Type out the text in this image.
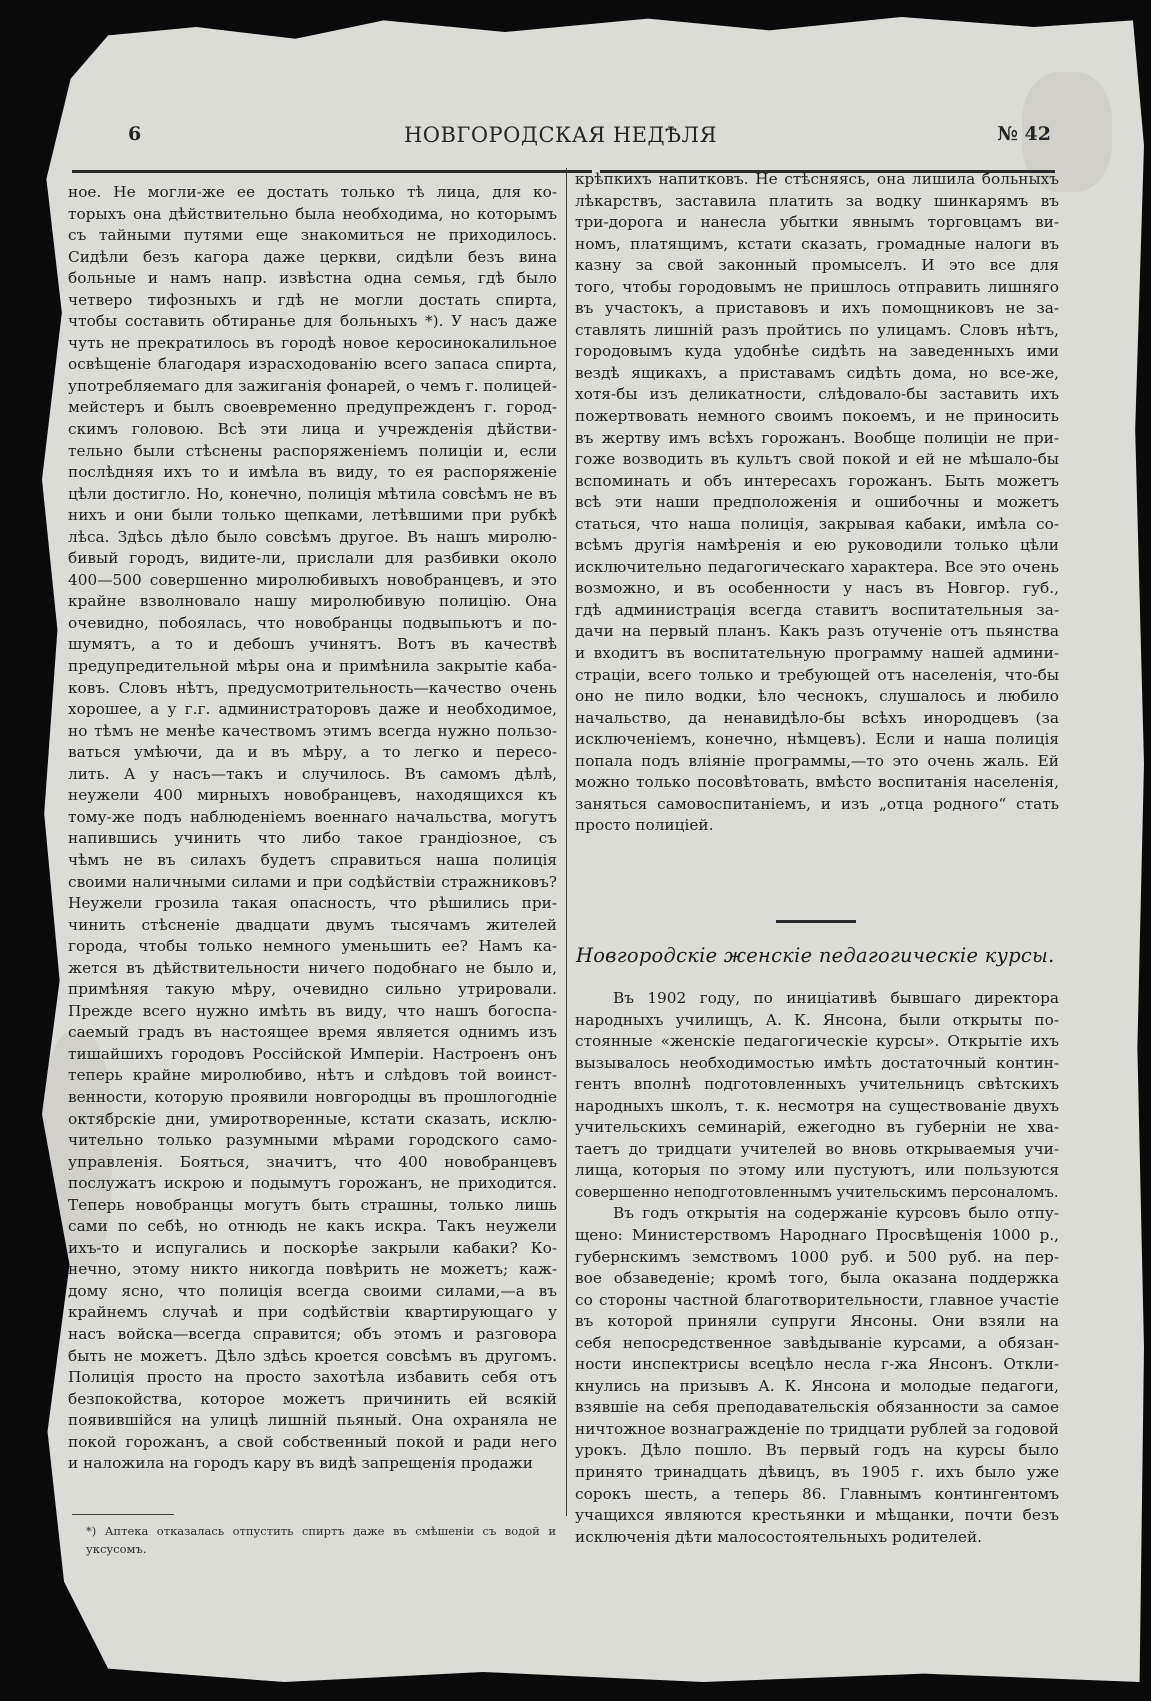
6	НОВГОРОДСКАЯ НЕДѢЛЯ	№ 42
ное. Не могли-же ее достать только тѣ лица, для ко-
торыхъ она дѣйствительно была необходима, но которымъ
съ тайными путями еще знакомиться не приходилось.
Сидѣли безъ кагора даже церкви, сидѣли безъ вина
больные и намъ напр. извѣстна одна семья, гдѣ было
четверо тифозныхъ и гдѣ не могли достать спирта,
чтобы составить обтиранье для больныхъ *). У насъ даже
чуть не прекратилось въ городѣ новое керосинокалильное
освѣщеніе благодаря израсходованію всего запаса спирта,
употребляемаго для зажиганія фонарей, о чемъ г. полицей-
мейстеръ и былъ своевременно предупрежденъ г. город-
скимъ головою. Всѣ эти лица и учрежденія дѣйстви-
тельно были стѣснены распоряженіемъ полиціи и, если
послѣдняя ихъ то и имѣла въ виду, то ея распоряженіе
цѣли достигло. Но, конечно, полиція мѣтила совсѣмъ не въ
нихъ и они были только щепками, летѣвшими при рубкѣ
лѣса. Здѣсь дѣло было совсѣмъ другое. Въ нашъ миролю-
бивый городъ, видите-ли, прислали для разбивки около
400—500 совершенно миролюбивыхъ новобранцевъ, и это
крайне взволновало нашу миролюбивую полицію. Она
очевидно, побоялась, что новобранцы подвыпьютъ и по-
шумятъ, а то и дебошъ учинятъ. Вотъ въ качествѣ
предупредительной мѣры она и примѣнила закрытіе каба-
ковъ. Словъ нѣтъ, предусмотрительность—качество очень
хорошее, а у г.г. администраторовъ даже и необходимое,
но тѣмъ не менѣе качествомъ этимъ всегда нужно пользо-
ваться умѣючи, да и въ мѣру, а то легко и пересо-
лить. А у насъ—такъ и случилось. Въ самомъ дѣлѣ,
неужели 400 мирныхъ новобранцевъ, находящихся къ
тому-же подъ наблюденіемъ военнаго начальства, могутъ
напившись учинить что либо такое грандіозное, съ
чѣмъ не въ силахъ будетъ справиться наша полиція
своими наличными силами и при содѣйствіи стражниковъ?
Неужели грозила такая опасность, что рѣшились при-
чинить стѣсненіе двадцати двумъ тысячамъ жителей
города, чтобы только немного уменьшить ее? Намъ ка-
жется въ дѣйствительности ничего подобнаго не было и,
примѣняя такую мѣру, очевидно сильно утрировали.
Прежде всего нужно имѣть въ виду, что нашъ богоспа-
саемый градъ въ настоящее время является однимъ изъ
тишайшихъ городовъ Россійской Имперіи. Настроенъ онъ
теперь крайне миролюбиво, нѣтъ и слѣдовъ той воинст-
венности, которую проявили новгородцы въ прошлогодніе
октябрскіе дни, умиротворенные, кстати сказать, исклю-
чительно только разумными мѣрами городского само-
управленія. Бояться, значитъ, что 400 новобранцевъ
послужатъ искрою и подымутъ горожанъ, не приходится.
Теперь новобранцы могутъ быть страшны, только лишь
сами по себѣ, но отнюдь не какъ искра. Такъ неужели
ихъ-то и испугались и поскорѣе закрыли кабаки? Ко-
нечно, этому никто никогда повѣрить не можетъ; каж-
дому ясно, что полиція всегда своими силами,—а въ
крайнемъ случаѣ и при содѣйствіи квартирующаго у
насъ войска—всегда справится; объ этомъ и разговора
быть не можетъ. Дѣло здѣсь кроется совсѣмъ въ другомъ.
Полиція просто на просто захотѣла избавить себя отъ
безпокойства, которое можетъ причинить ей всякій
появившійся на улицѣ лишній пьяный. Она охраняла не
покой горожанъ, а свой собственный покой и ради него
и наложила на городъ кару въ видѣ запрещенія продажи
*) Аптека отказалась отпустить спиртъ даже въ смѣшеніи съ водой и уксусомъ.
крѣпкихъ напитковъ. Не стѣсняясь, она лишила больныхъ
лѣкарствъ, заставила платить за водку шинкарямъ въ
три-дорога и нанесла убытки явнымъ торговцамъ ви-
номъ, платящимъ, кстати сказать, громадные налоги въ
казну за свой законный промыселъ. И это все для
того, чтобы городовымъ не пришлось отправить лишняго
въ участокъ, а приставовъ и ихъ помощниковъ не за-
ставлять лишній разъ пройтись по улицамъ. Словъ нѣтъ,
городовымъ куда удобнѣе сидѣть на заведенныхъ ими
вездѣ ящикахъ, а приставамъ сидѣть дома, но все-же,
хотя-бы изъ деликатности, слѣдовало-бы заставить ихъ
пожертвовать немного своимъ покоемъ, и не приносить
въ жертву имъ всѣхъ горожанъ. Вообще полиціи не при-
гоже возводить въ культъ свой покой и ей не мѣшало-бы
вспоминать и объ интересахъ горожанъ. Быть можетъ
всѣ эти наши предположенія и ошибочны и можетъ
статься, что наша полиція, закрывая кабаки, имѣла со-
всѣмъ другія намѣренія и ею руководили только цѣли
исключительно педагогическаго характера. Все это очень
возможно, и въ особенности у насъ въ Новгор. губ.,
гдѣ администрація всегда ставитъ воспитательныя за-
дачи на первый планъ. Какъ разъ отученіе отъ пьянства
и входитъ въ воспитательную программу нашей админи-
страціи, всего только и требующей отъ населенія, что-бы
оно не пило водки, ѣло чеснокъ, слушалось и любило
начальство, да ненавидѣло-бы всѣхъ инородцевъ (за
исключеніемъ, конечно, нѣмцевъ). Если и наша полиція
попала подъ вліяніе программы,—то это очень жаль. Ей
можно только посовѣтовать, вмѣсто воспитанія населенія,
заняться самовоспитаніемъ, и изъ „отца родного“ стать
просто полиціей.
Новгородскіе женскіе педагогическіе курсы.
Въ 1902 году, по иниціативѣ бывшаго директора
народныхъ училищъ, А. К. Янсона, были открыты по-
стоянные «женскіе педагогическіе курсы». Открытіе ихъ
вызывалось необходимостью имѣть достаточный контин-
гентъ вполнѣ подготовленныхъ учительницъ свѣтскихъ
народныхъ школъ, т. к. несмотря на существованіе двухъ
учительскихъ семинарій, ежегодно въ губерніи не хва-
таетъ до тридцати учителей во вновь открываемыя учи-
лища, которыя по этому или пустуютъ, или пользуются
совершенно неподготовленнымъ учительскимъ персоналомъ.
Въ годъ открытія на содержаніе курсовъ было отпу-
щено: Министерствомъ Народнаго Просвѣщенія 1000 р.,
губернскимъ земствомъ 1000 руб. и 500 руб. на пер-
вое обзаведеніе; кромѣ того, была оказана поддержка
со стороны частной благотворительности, главное участіе
въ которой приняли супруги Янсоны. Они взяли на
себя непосредственное завѣдываніе курсами, а обязан-
ности инспектрисы всецѣло несла г-жа Янсонъ. Откли-
кнулись на призывъ А. К. Янсона и молодые педагоги,
взявшіе на себя преподавательскія обязанности за самое
ничтожное вознагражденіе по тридцати рублей за годовой
урокъ. Дѣло пошло. Въ первый годъ на курсы было
принято тринадцать дѣвицъ, въ 1905 г. ихъ было уже
сорокъ шесть, а теперь 86. Главнымъ контингентомъ
учащихся являются крестьянки и мѣщанки, почти безъ
исключенія дѣти малосостоятельныхъ родителей.
